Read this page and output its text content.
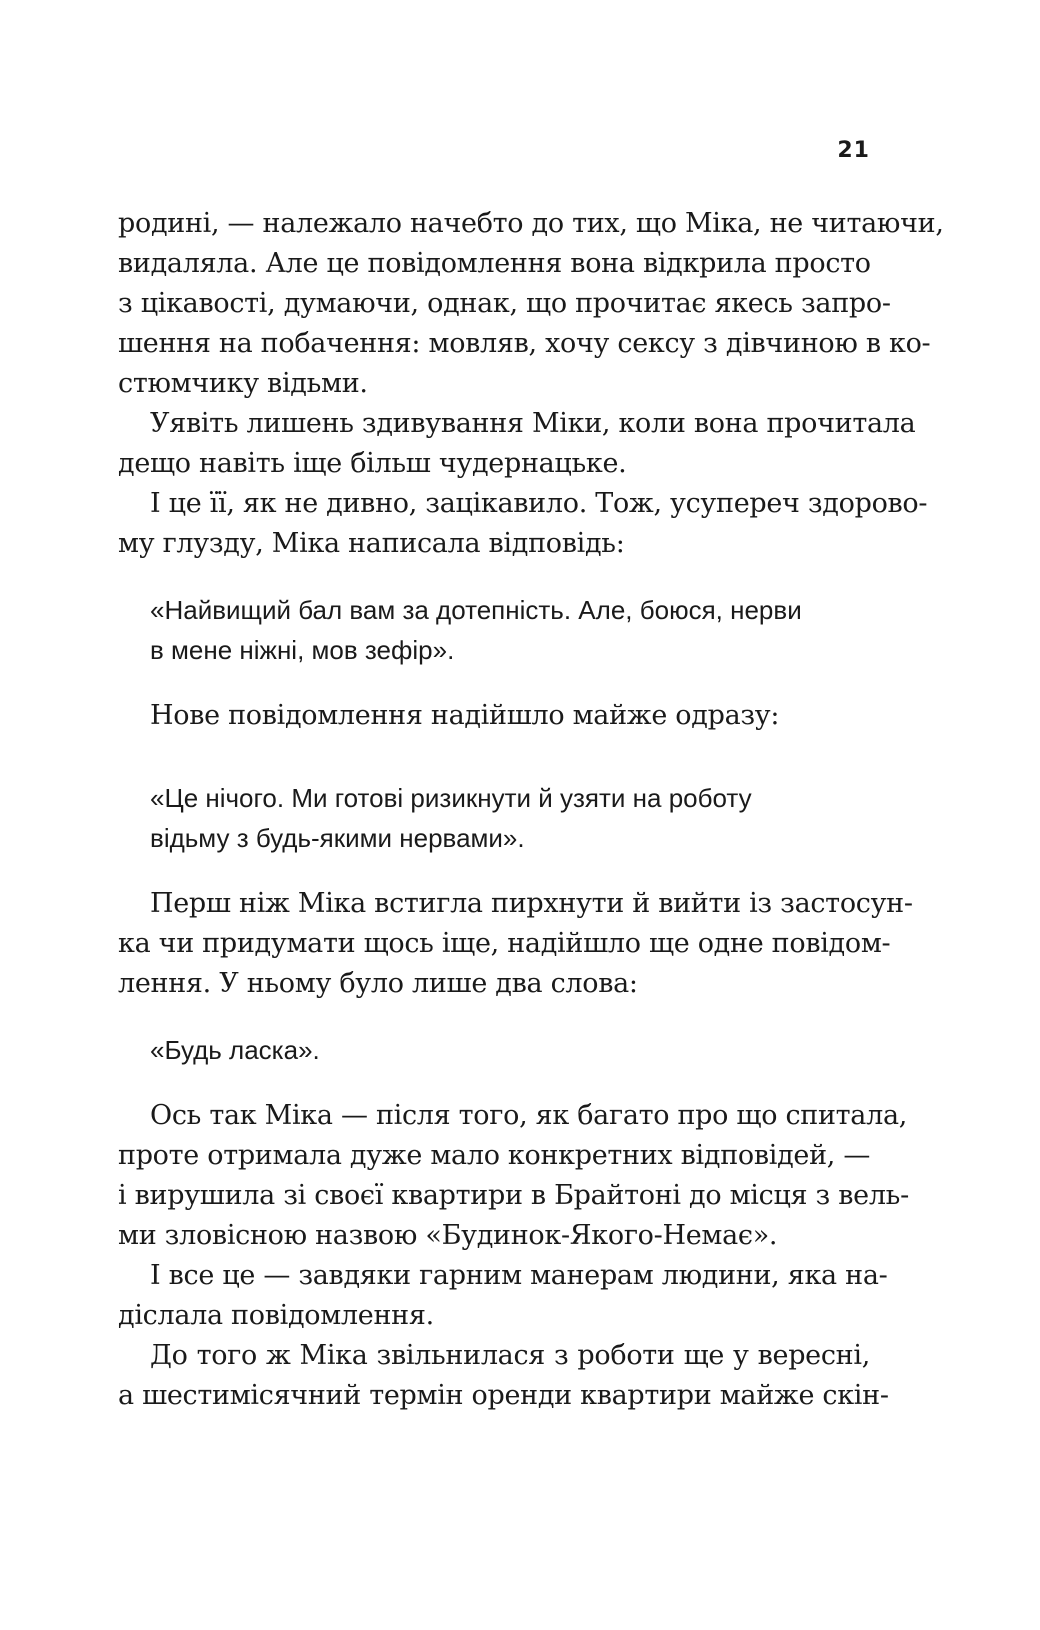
21
родині, — належало начебто до тих, що Міка, не читаючи,
видаляла. Але це повідомлення вона відкрила просто
з цікавості, думаючи, однак, що прочитає якесь запро-
шення на побачення: мовляв, хочу сексу з дівчиною в ко-
стюмчику відьми.
Уявіть лишень здивування Міки, коли вона прочитала
дещо навіть іще більш чудернацьке.
І це її, як не дивно, зацікавило. Тож, усупереч здорово-
му глузду, Міка написала відповідь:
«Найвищий бал вам за дотепність. Але, боюся, нерви
в мене ніжні, мов зефір».
Нове повідомлення надійшло майже одразу:
«Це нічого. Ми готові ризикнути й узяти на роботу
відьму з будь-якими нервами».
Перш ніж Міка встигла пирхнути й вийти із застосун-
ка чи придумати щось іще, надійшло ще одне повідом-
лення. У ньому було лише два слова:
«Будь ласка».
Ось так Міка — після того, як багато про що спитала,
проте отримала дуже мало конкретних відповідей, —
і вирушила зі своєї квартири в Брайтоні до місця з вель-
ми зловісною назвою «Будинок-Якого-Немає».
І все це — завдяки гарним манерам людини, яка на-
діслала повідомлення.
До того ж Міка звільнилася з роботи ще у вересні,
а шестимісячний термін оренди квартири майже скін-
